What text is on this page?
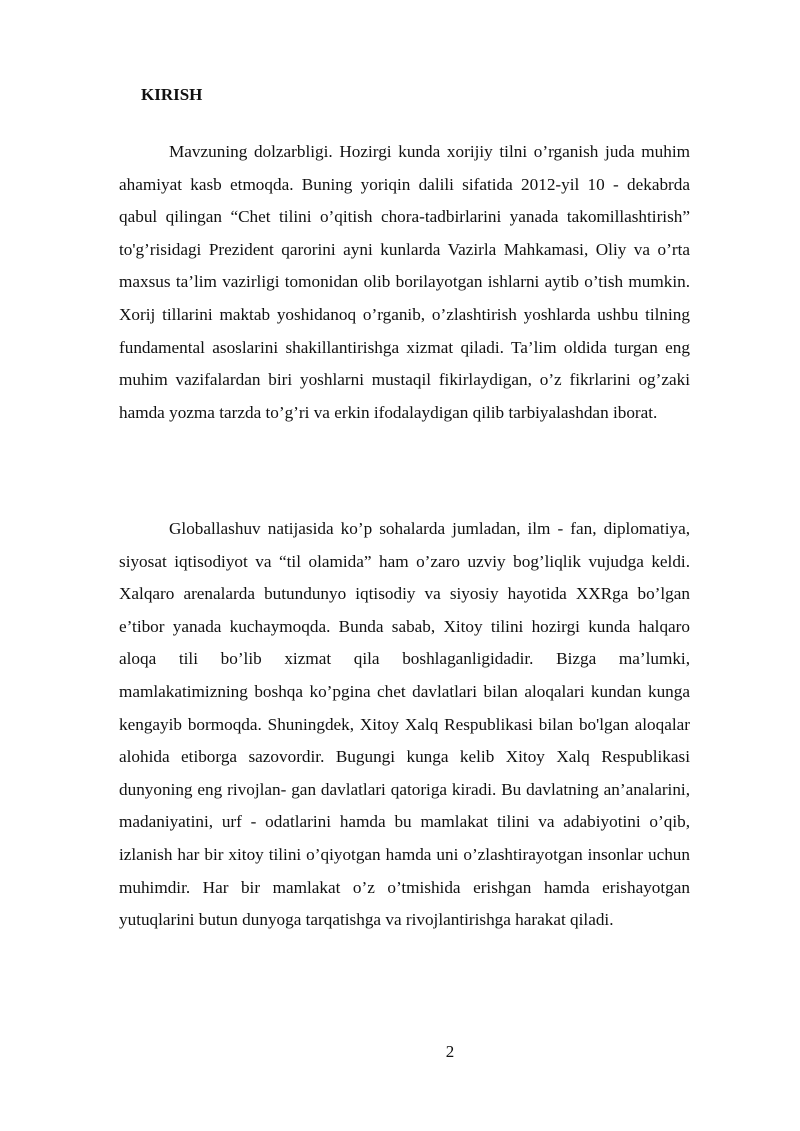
KIRISH

Mavzuning dolzarbligi. Hozirgi kunda xorijiy tilni o’rganish juda muhim ahamiyat kasb etmoqda. Buning yoriqin dalili sifatida 2012-yil 10 - dekabrda qabul qilingan “Chet tilini o’qitish chora-tadbirlarini yanada takomillashtirish” to'g’risidagi Prezident qarorini ayni kunlarda Vazirla Mahkamasi, Oliy va o’rta maxsus ta’lim vazirligi tomonidan olib borilayotgan ishlarni aytib o’tish mumkin. Xorij tillarini maktab yoshidanoq o’rganib, o’zlashtirish yoshlarda ushbu tilning fundamental asoslarini shakillantirishga xizmat qiladi. Ta’lim oldida turgan eng muhim vazifalardan biri yoshlarni mustaqil fikirlaydigan, o’z fikrlarini og’zaki hamda yozma tarzda to’g’ri va erkin ifodalaydigan qilib tarbiyalashdan iborat.

Globallashuv natijasida ko’p sohalarda jumladan, ilm - fan, diplomatiya, siyosat iqtisodiyot va “til olamida” ham o’zaro uzviy bog’liqlik vujudga keldi. Xalqaro arenalarda butundunyo iqtisodiy va siyosiy hayotida XXRga bo’lgan e’tibor yanada kuchaymoqda. Bunda sabab, Xitoy tilini hozirgi kunda halqaro aloqa tili bo’lib xizmat qila boshlaganligidadir. Bizga ma’lumki, mamlakatimizning boshqa ko’pgina chet davlatlari bilan aloqalari kundan kunga kengayib bormoqda. Shuningdek, Xitoy Xalq Respublikasi bilan bo'lgan aloqalar alohida etiborga sazovordir. Bugungi kunga kelib Xitoy Xalq Respublikasi dunyoning eng rivojlan- gan davlatlari qatoriga kiradi. Bu davlatning an’analarini, madaniyatini, urf - odatlarini hamda bu mamlakat tilini va adabiyotini o’qib, izlanish har bir xitoy tilini o’qiyotgan hamda uni o’zlashtirayotgan insonlar uchun muhimdir. Har bir mamlakat o’z o’tmishida erishgan hamda erishayotgan yutuqlarini butun dunyoga tarqatishga va rivojlantirishga harakat qiladi.

2
